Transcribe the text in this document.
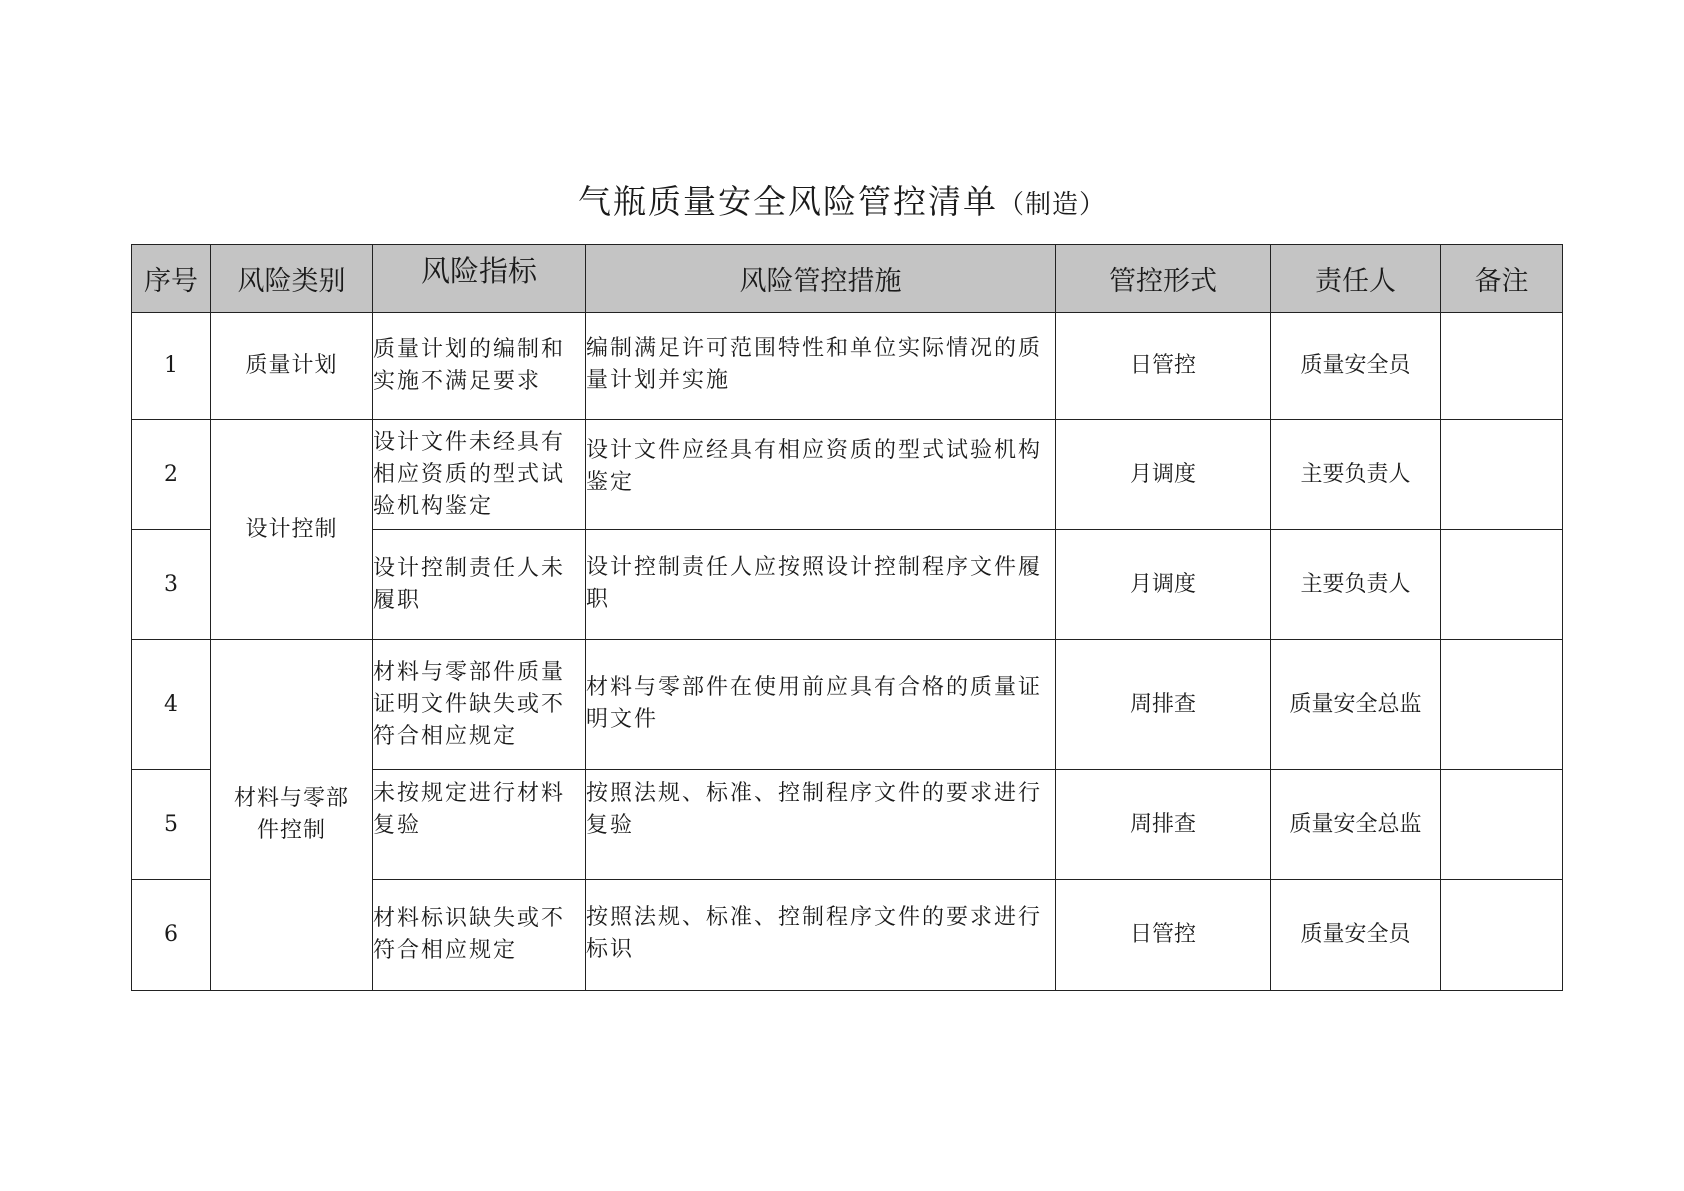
气瓶质量安全风险管控清单（制造）
序号	风险类别	风险指标	风险管控措施	管控形式	责任人	备注
1	质量计划	质量计划的编制和实施不满足要求	编制满足许可范围特性和单位实际情况的质量计划并实施	日管控	质量安全员	
2	设计控制	设计文件未经具有相应资质的型式试验机构鉴定	设计文件应经具有相应资质的型式试验机构鉴定	月调度	主要负责人	
3		设计控制责任人未履职	设计控制责任人应按照设计控制程序文件履职	月调度	主要负责人	
4	材料与零部件控制	材料与零部件质量证明文件缺失或不符合相应规定	材料与零部件在使用前应具有合格的质量证明文件	周排查	质量安全总监	
5		未按规定进行材料复验	按照法规、标准、控制程序文件的要求进行复验	周排查	质量安全总监	
6		材料标识缺失或不符合相应规定	按照法规、标准、控制程序文件的要求进行标识	日管控	质量安全员	
